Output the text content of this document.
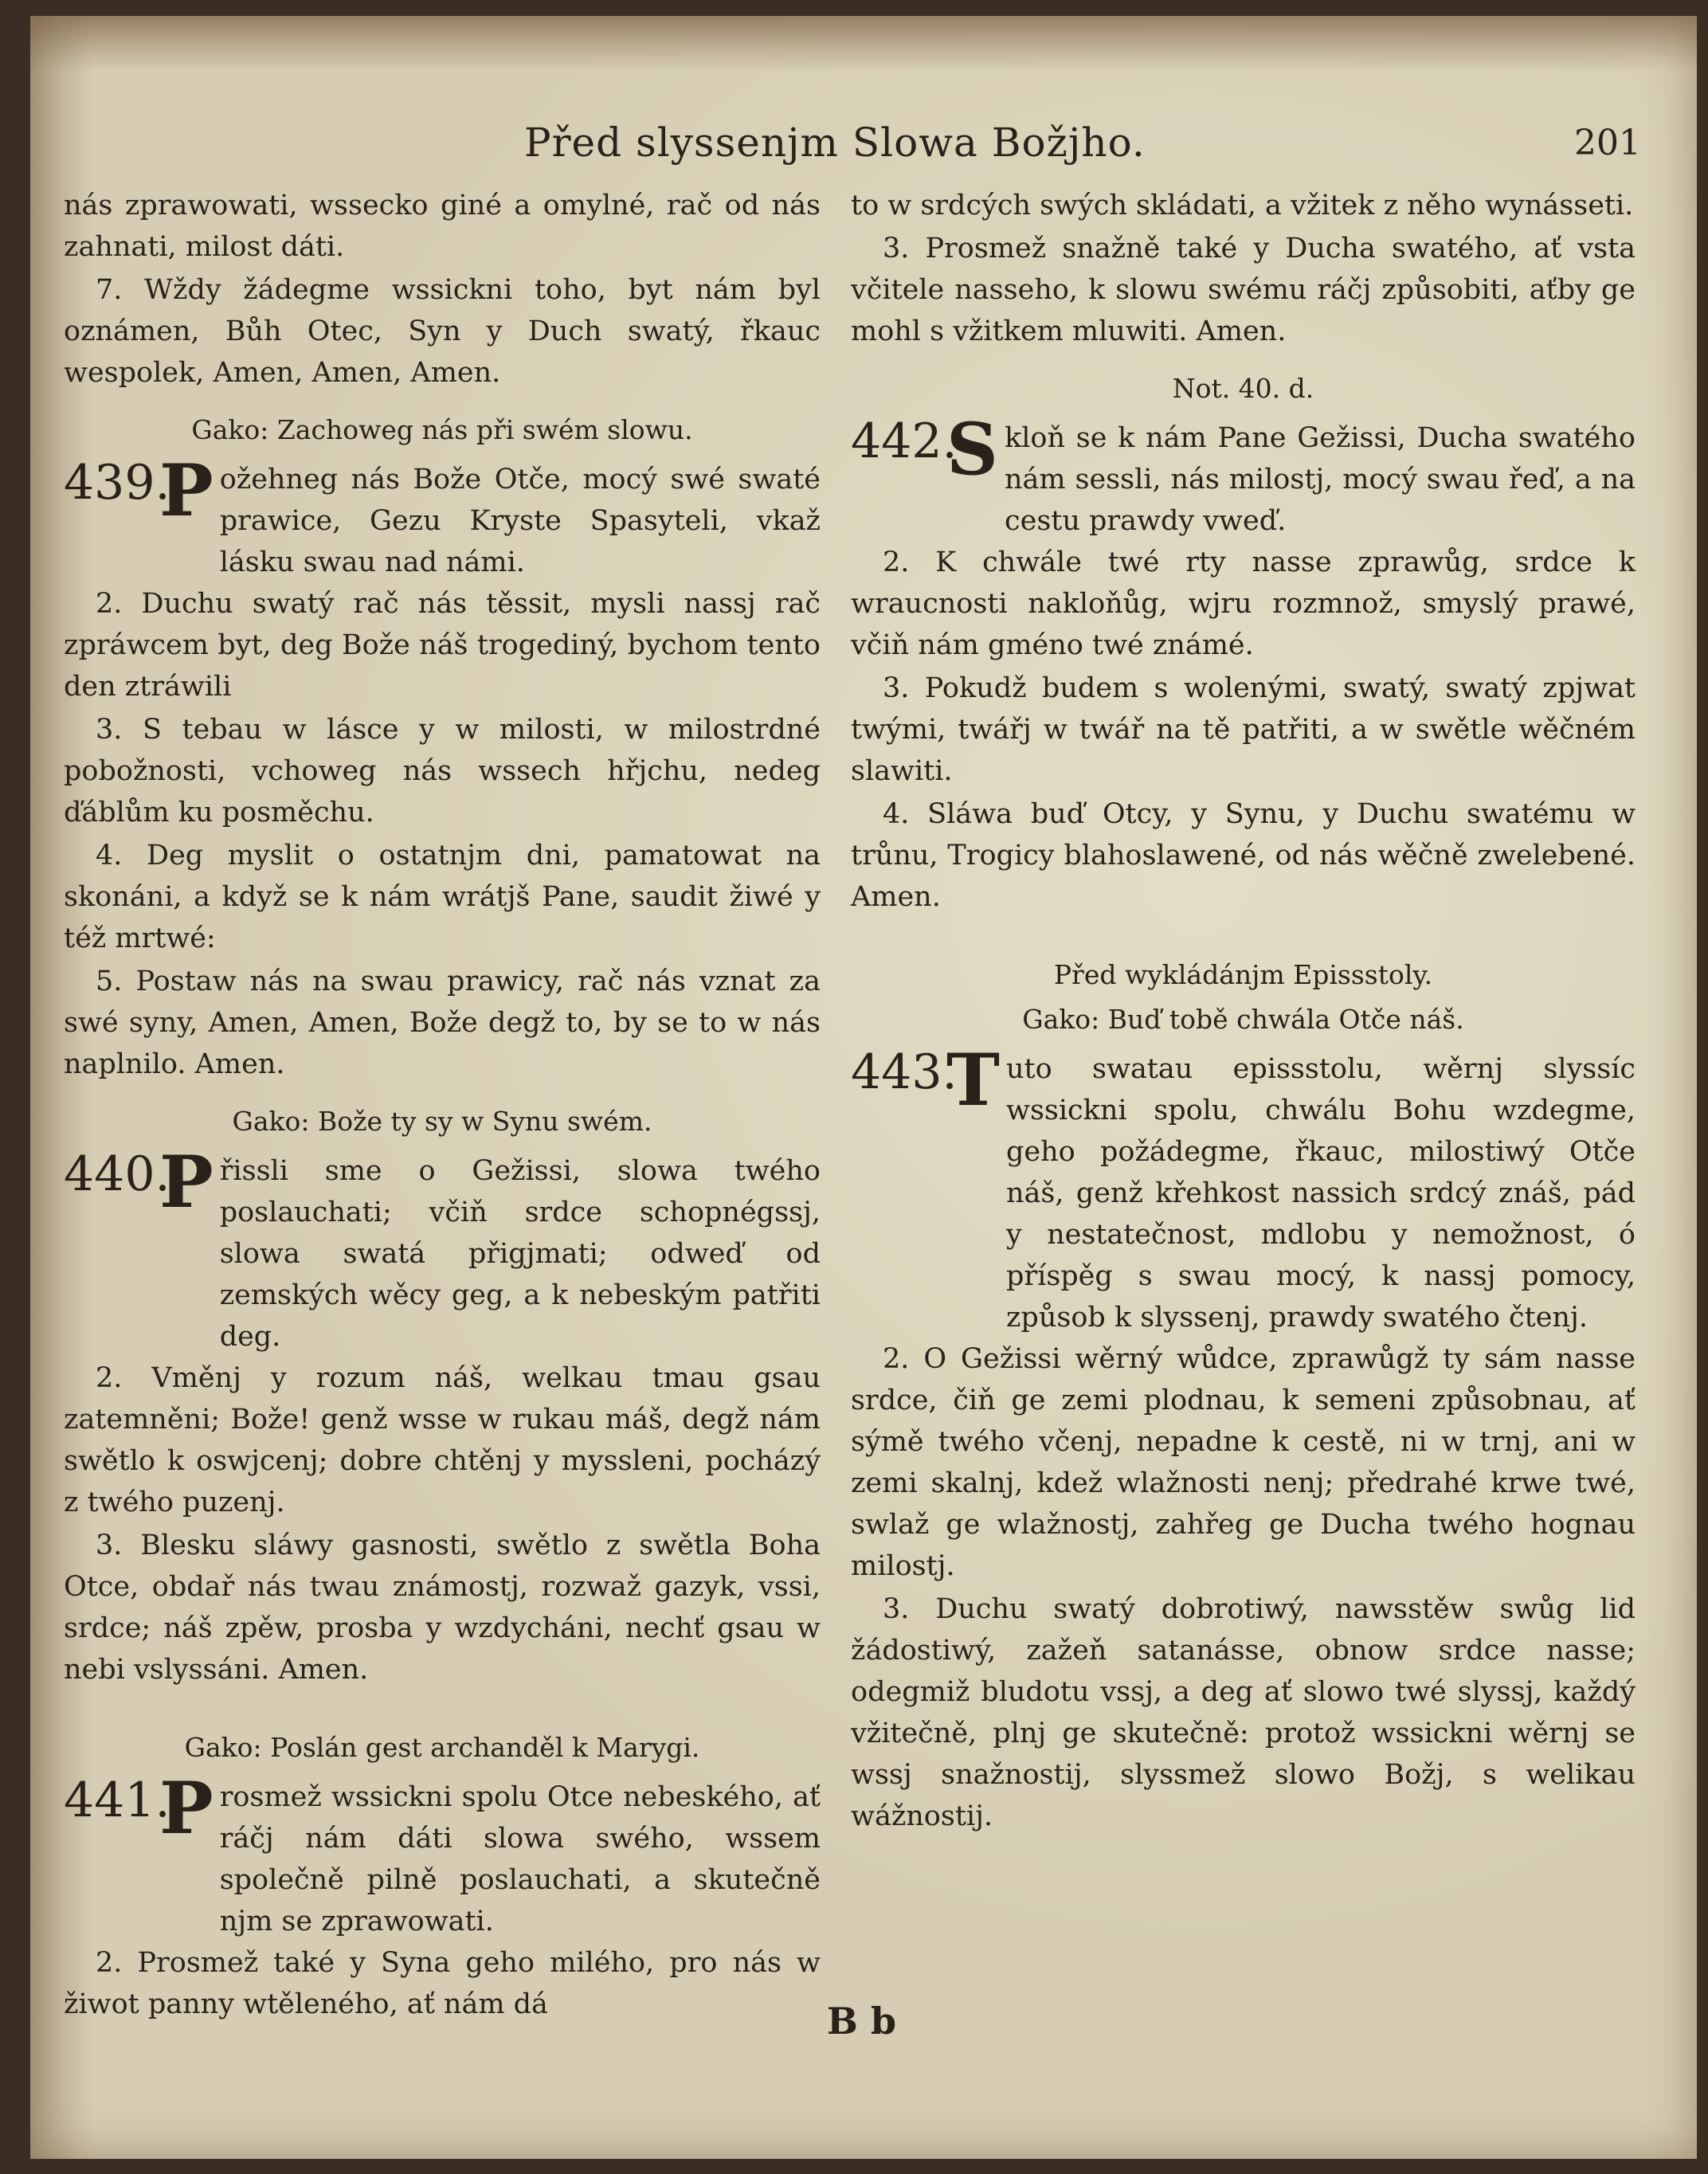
Před slyssenjm Slowa Božjho.	201

nás zprawowati, wssecko giné a omylné, rač od nás zahnati, milost dáti.

7. Wždy žádegme wssickni toho, byt nám byl oznámen, Bůh Otec, Syn y Duch swatý, řkauc wespolek, Amen, Amen, Amen.

Gako: Zachoweg nás při swém slowu.

439.
P ožehneg nás Bože Otče, mocý swé swaté prawice, Gezu Kryste Spasyteli, vkaž lásku swau nad námi.

2. Duchu swatý rač nás těssit, mysli nassj rač zpráwcem byt, deg Bože náš trogediný, bychom tento den ztráwili

3. S tebau w lásce y w milosti, w milostrdné pobožnosti, vchoweg nás wssech hřjchu, nedeg ďáblům ku posměchu.

4. Deg myslit o ostatnjm dni, pamatowat na skonáni, a když se k nám wrátjš Pane, saudit žiwé y též mrtwé:

5. Postaw nás na swau prawicy, rač nás vznat za swé syny, Amen, Amen, Bože degž to, by se to w nás naplnilo. Amen.

Gako: Bože ty sy w Synu swém.

440.
P řissli sme o Gežissi, slowa twého poslauchati; včiň srdce schopnégssj, slowa swatá přigjmati; odweď od zemských wěcy geg, a k nebeským patřiti deg.

2. Vměnj y rozum náš, welkau tmau gsau zatemněni; Bože! genž wsse w rukau máš, degž nám swětlo k oswjcenj; dobre chtěnj y myssleni, pocházý z twého puzenj.

3. Blesku sláwy gasnosti, swětlo z swětla Boha Otce, obdař nás twau známostj, rozwaž gazyk, vssi, srdce; náš zpěw, prosba y wzdycháni, nechť gsau w nebi vslyssáni. Amen.

Gako: Poslán gest archanděl k Marygi.

441.
P rosmež wssickni spolu Otce nebeského, ať ráčj nám dáti slowa swého, wssem společně pilně poslauchati, a skutečně njm se zprawowati.

2. Prosmež také y Syna geho milého, pro nás w žiwot panny wtěleného, ať nám dá

to w srdcých swých skládati, a vžitek z něho wynásseti.

3. Prosmež snažně také y Ducha swatého, ať vsta včitele nasseho, k slowu swému ráčj způsobiti, aťby ge mohl s vžitkem mluwiti. Amen.

Not. 40. d.

442.
S kloň se k nám Pane Gežissi, Ducha swatého nám sessli, nás milostj, mocý swau řeď, a na cestu prawdy vweď.

2. K chwále twé rty nasse zprawůg, srdce k wraucnosti nakloňůg, wjru rozmnož, smyslý prawé, včiň nám gméno twé známé.

3. Pokudž budem s wolenými, swatý, swatý zpjwat twými, twářj w twář na tě patřiti, a w swětle wěčném slawiti.

4. Sláwa buď Otcy, y Synu, y Duchu swatému w trůnu, Trogicy blahoslawené, od nás wěčně zwelebené. Amen.

Před wykládánjm Epissstoly.

Gako: Buď tobě chwála Otče náš.

443.
T uto swatau epissstolu, wěrnj slyssíc wssickni spolu, chwálu Bohu wzdegme, geho požádegme, řkauc, milostiwý Otče náš, genž křehkost nassich srdcý znáš, pád y nestatečnost, mdlobu y nemožnost, ó příspěg s swau mocý, k nassj pomocy, způsob k slyssenj, prawdy swatého čtenj.

2. O Gežissi wěrný wůdce, zprawůgž ty sám nasse srdce, čiň ge zemi plodnau, k semeni způsobnau, ať sýmě twého včenj, nepadne k cestě, ni w trnj, ani w zemi skalnj, kdež wlažnosti nenj; předrahé krwe twé, swlaž ge wlažnostj, zahřeg ge Ducha twého hognau milostj.

3. Duchu swatý dobrotiwý, nawsstěw swůg lid žádostiwý, zažeň satanásse, obnow srdce nasse; odegmiž bludotu vssj, a deg ať slowo twé slyssj, každý vžitečně, plnj ge skutečně: protož wssickni wěrnj se wssj snažnostij, slyssmež slowo Božj, s welikau wážnostij.

B b
